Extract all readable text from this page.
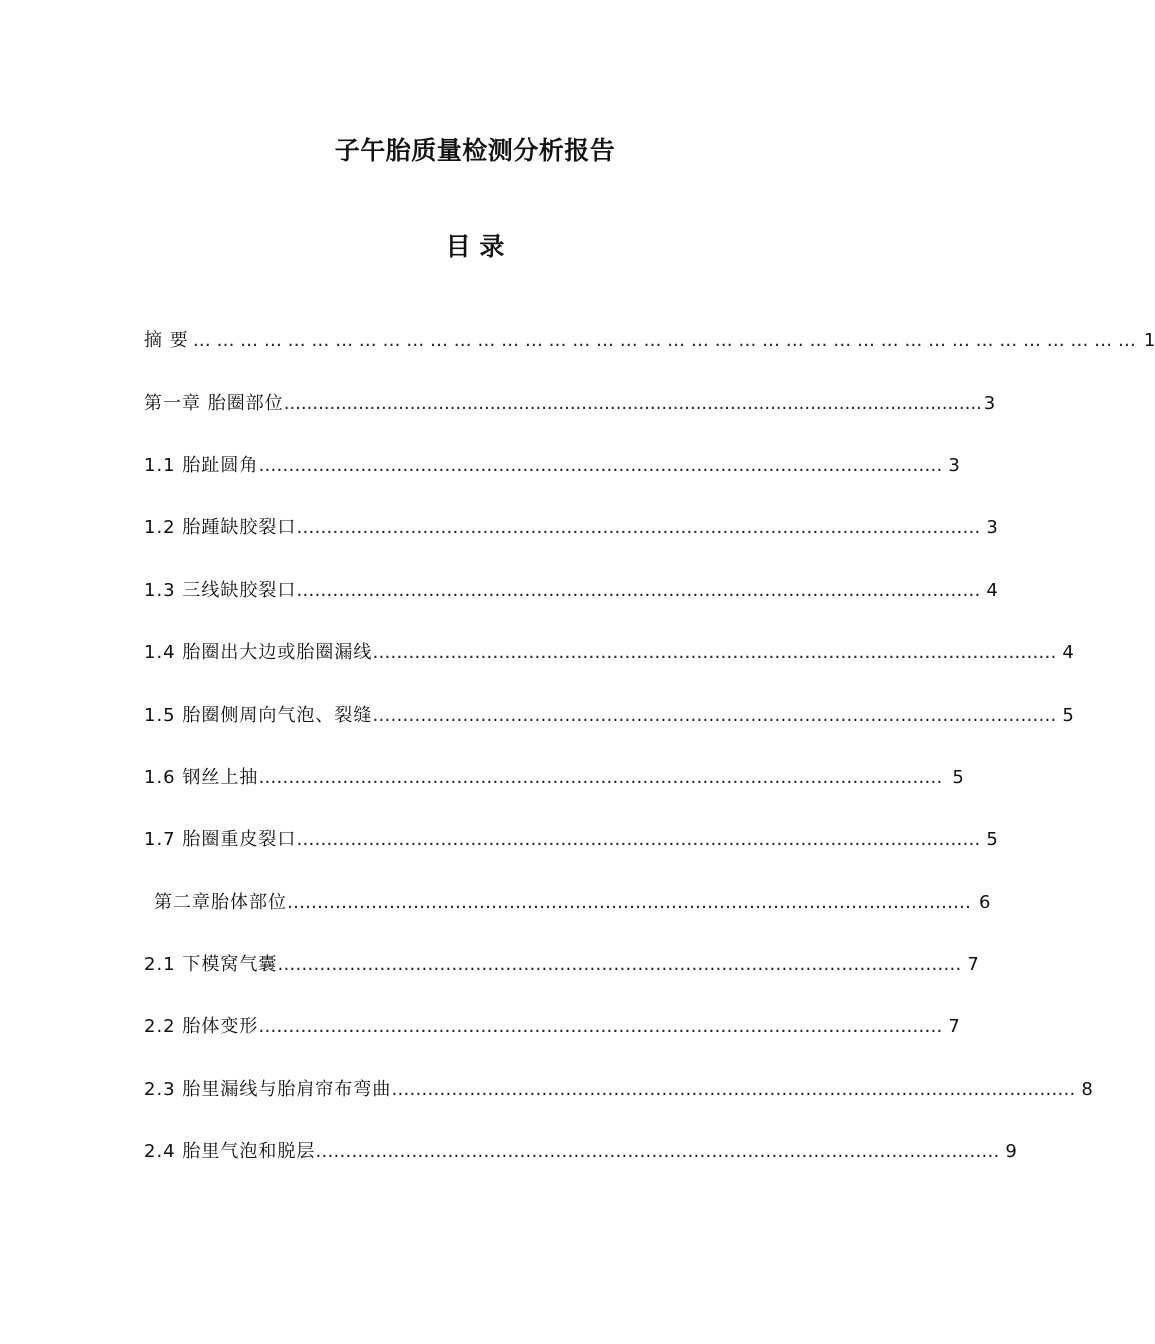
子午胎质量检测分析报告
目 录
摘 要 … … … … … … … … … … … … … … … … … … … … … … … … … … … … … … … … … … … … … … … … 1
第一章 胎圈部位 .......................................................................................................................... 3
1.1 胎趾圆角 …………………………………………………………………………………………………… 3
1.2 胎踵缺胶裂口 …………………………………………………………………………………………………… 3
1.3 三线缺胶裂口 …………………………………………………………………………………………………… 4
1.4 胎圈出大边或胎圈漏线 …………………………………………………………………………………………………… 4
1.5 胎圈侧周向气泡、裂缝 …………………………………………………………………………………………………… 5
1.6 钢丝上抽 …………………………………………………………………………………………………… 5
1.7 胎圈重皮裂口 …………………………………………………………………………………………………… 5
第二章胎体部位 …………………………………………………………………………………………………… 6
2.1 下模窝气囊 …………………………………………………………………………………………………… 7
2.2 胎体变形 …………………………………………………………………………………………………… 7
2.3 胎里漏线与胎肩帘布弯曲 …………………………………………………………………………………………………… 8
2.4 胎里气泡和脱层 …………………………………………………………………………………………………… 9
